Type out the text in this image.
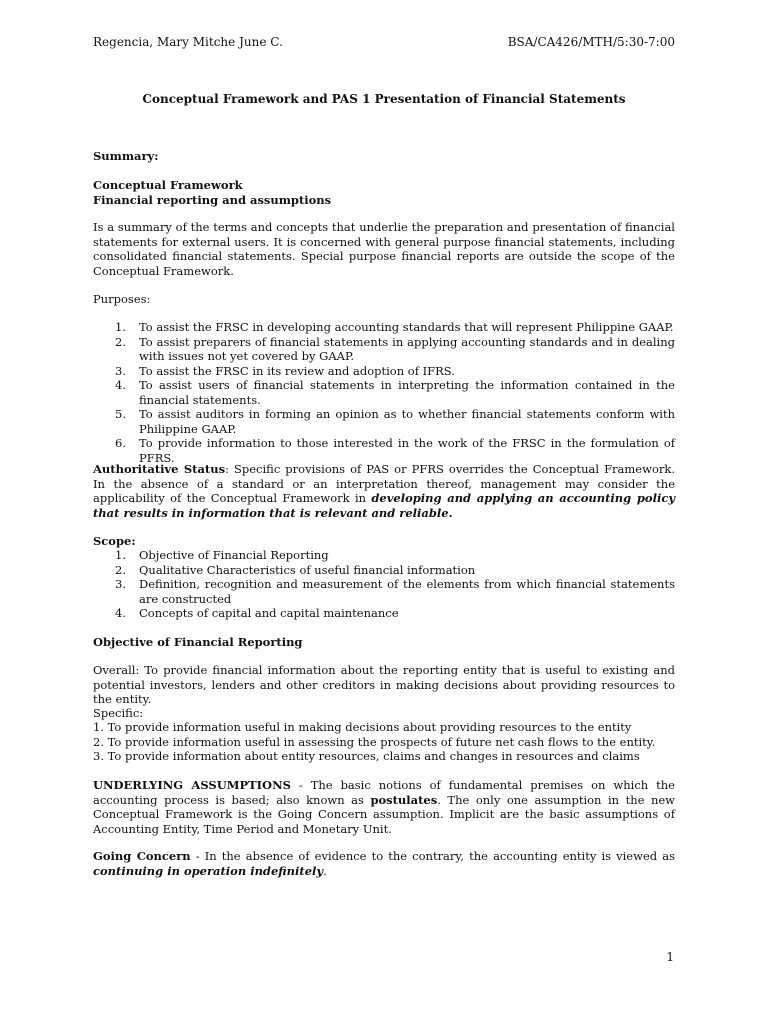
Regencia, Mary Mitche June C.	BSA/CA426/MTH/5:30-7:00
Conceptual Framework and PAS 1 Presentation of Financial Statements
Summary:
Conceptual Framework
Financial reporting and assumptions
Is a summary of the terms and concepts that underlie the preparation and presentation of financial statements for external users. It is concerned with general purpose financial statements, including consolidated financial statements. Special purpose financial reports are outside the scope of the Conceptual Framework.
Purposes:
1. To assist the FRSC in developing accounting standards that will represent Philippine GAAP.
2. To assist preparers of financial statements in applying accounting standards and in dealing with issues not yet covered by GAAP.
3. To assist the FRSC in its review and adoption of IFRS.
4. To assist users of financial statements in interpreting the information contained in the financial statements.
5. To assist auditors in forming an opinion as to whether financial statements conform with Philippine GAAP.
6. To provide information to those interested in the work of the FRSC in the formulation of PFRS.
Authoritative Status: Specific provisions of PAS or PFRS overrides the Conceptual Framework. In the absence of a standard or an interpretation thereof, management may consider the applicability of the Conceptual Framework in developing and applying an accounting policy that results in information that is relevant and reliable.
Scope:
1. Objective of Financial Reporting
2. Qualitative Characteristics of useful financial information
3. Definition, recognition and measurement of the elements from which financial statements are constructed
4. Concepts of capital and capital maintenance
Objective of Financial Reporting
Overall: To provide financial information about the reporting entity that is useful to existing and potential investors, lenders and other creditors in making decisions about providing resources to the entity.
Specific:
1. To provide information useful in making decisions about providing resources to the entity
2. To provide information useful in assessing the prospects of future net cash flows to the entity.
3. To provide information about entity resources, claims and changes in resources and claims
UNDERLYING ASSUMPTIONS - The basic notions of fundamental premises on which the accounting process is based; also known as postulates. The only one assumption in the new Conceptual Framework is the Going Concern assumption. Implicit are the basic assumptions of Accounting Entity, Time Period and Monetary Unit.
Going Concern - In the absence of evidence to the contrary, the accounting entity is viewed as continuing in operation indefinitely.
1
